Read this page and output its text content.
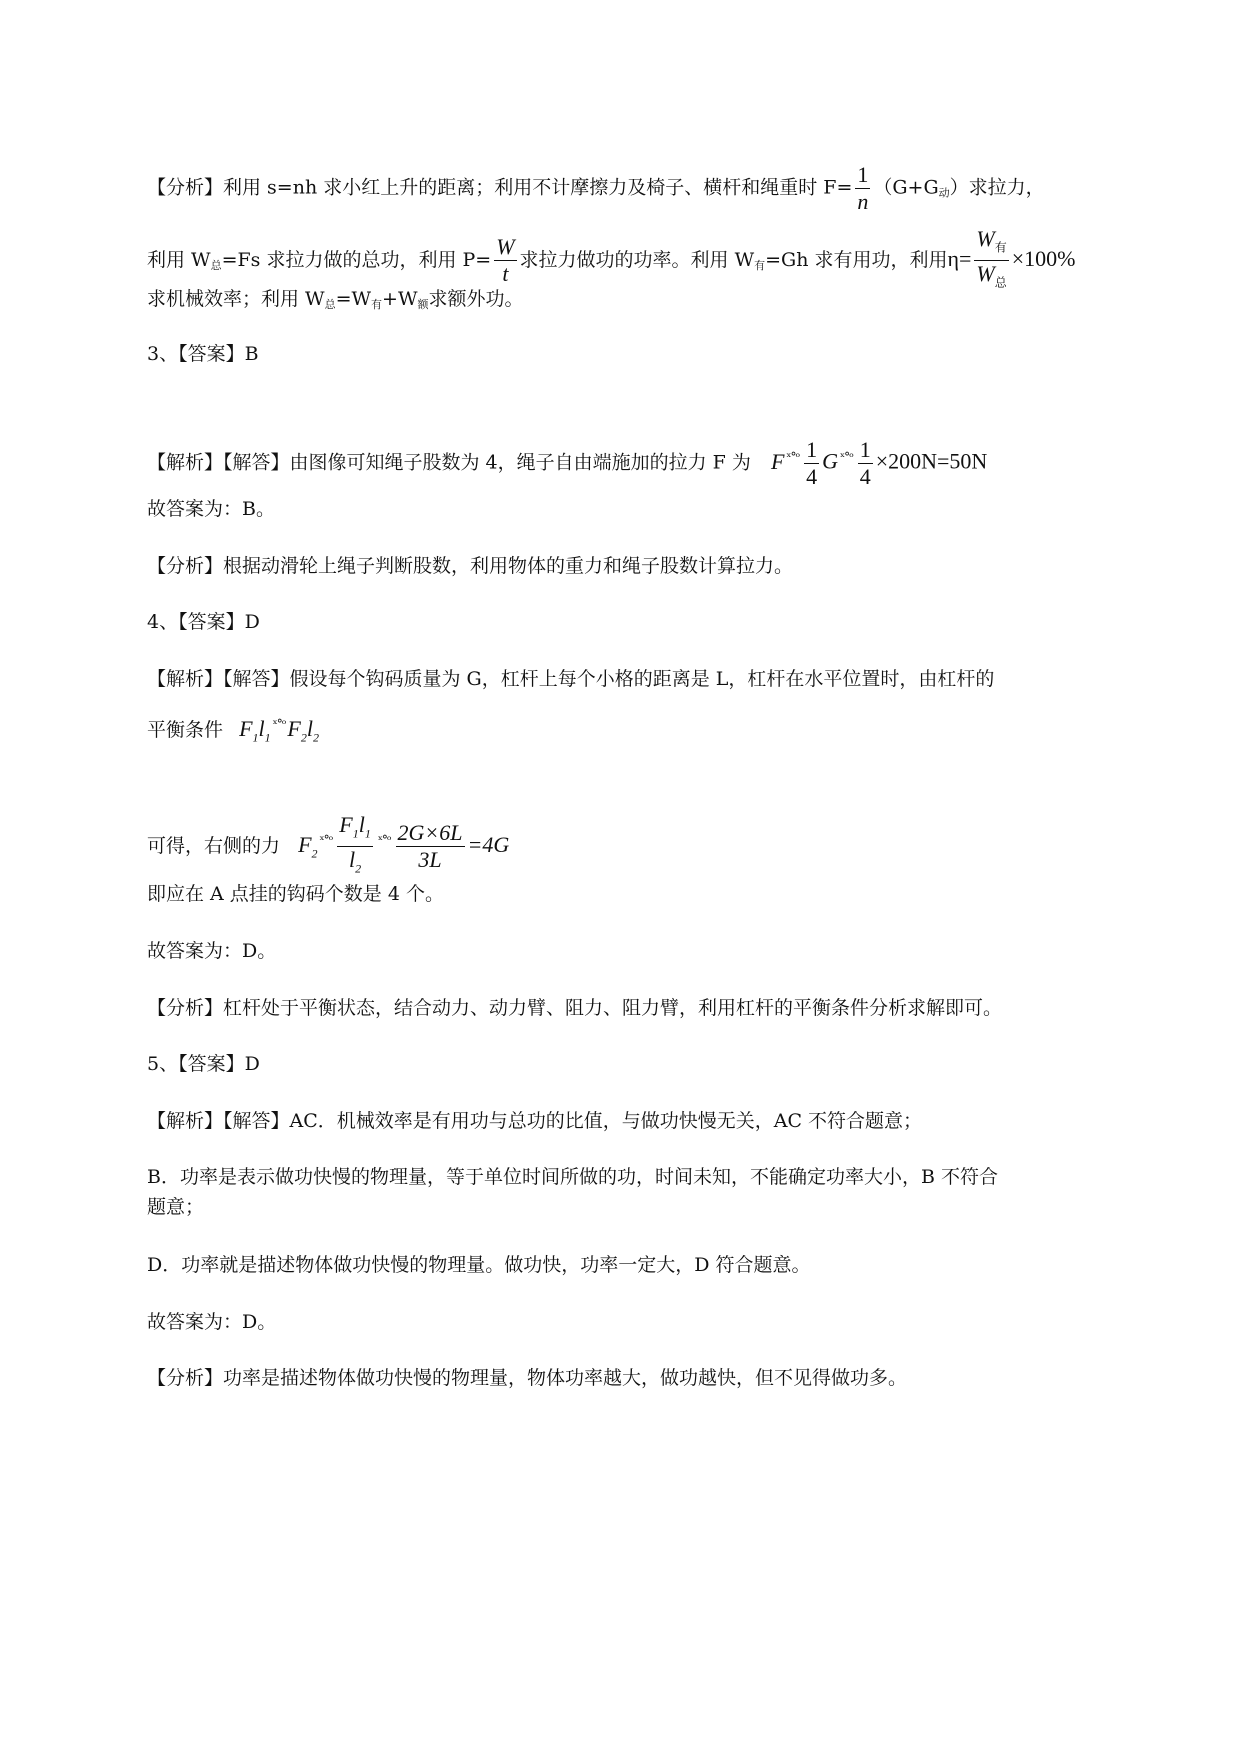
【分析】利用 s=nh 求小红上升的距离；利用不计摩擦力及椅子、横杆和绳重时 $F= \frac{1}{n} (G+G$动）求拉力，
利用 W总=Fs 求拉力做的总功，利用 $P= \frac{W}{t}$ 求拉力做功的功率。利用 W有=Gh 求有用功，利用$\eta= \frac{W_有}{W_总} \times 100\%$
求机械效率；利用 W总=W有+W额求额外功。
3、【答案】B
【解析】【解答】由图像可知绳子股数为 4，绳子自由端施加的拉力 F 为 F $^{ˣ^\circ ᵒ} \frac{1}{4}$ G $^{ˣ^\circ ᵒ} \frac{1}{4} \times 200N=50N$
故答案为：B。
【分析】根据动滑轮上绳子判断股数，利用物体的重力和绳子股数计算拉力。
4、【答案】D
【解析】【解答】假设每个钩码质量为 G，杠杆上每个小格的距离是 L，杠杆在水平位置时，由杠杆的
平衡条件 $F_1l_1^{ˣ^\circ ᵒ}F_2l_2$
可得，右侧的力 $F_2^{ˣ^\circ ᵒ} \frac{F_1l_1}{l_2} ^{ˣ^\circ ᵒ} \frac{2G\times 6L}{3L} =4G$
即应在 A 点挂的钩码个数是 4 个。
故答案为：D。
【分析】杠杆处于平衡状态，结合动力、动力臂、阻力、阻力臂，利用杠杆的平衡条件分析求解即可。
5、【答案】D
【解析】【解答】AC．机械效率是有用功与总功的比值，与做功快慢无关，AC 不符合题意；
B．功率是表示做功快慢的物理量，等于单位时间所做的功，时间未知，不能确定功率大小，B 不符合
题意；
D．功率就是描述物体做功快慢的物理量。做功快，功率一定大，D 符合题意。
故答案为：D。
【分析】功率是描述物体做功快慢的物理量，物体功率越大，做功越快，但不见得做功多。
